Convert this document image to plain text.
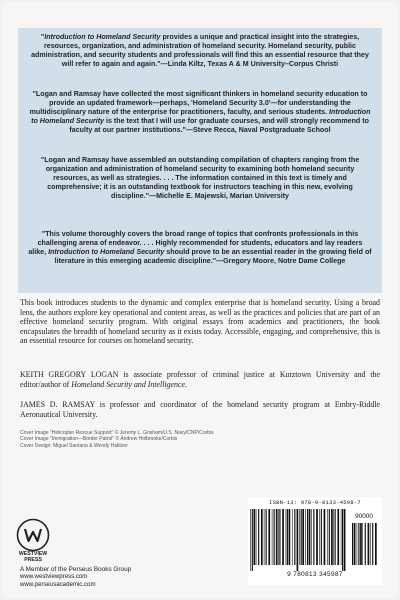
"Introduction to Homeland Security provides a unique and practical insight into the strategies, resources, organization, and administration of homeland security. Homeland security, public administration, and security students and professionals will find this an essential resource that they will refer to again and again."—Linda Kiltz, Texas A & M University–Corpus Christi
"Logan and Ramsay have collected the most significant thinkers in homeland security education to provide an updated framework—perhaps, 'Homeland Security 3.0'—for understanding the multidisciplinary nature of the enterprise for practitioners, faculty, and serious students. Introduction to Homeland Security is the text that I will use for graduate courses, and will strongly recommend to faculty at our partner institutions."—Steve Recca, Naval Postgraduate School
"Logan and Ramsay have assembled an outstanding compilation of chapters ranging from the organization and administration of homeland security to examining both homeland security resources, as well as strategies. . . . The information contained in this text is timely and comprehensive; it is an outstanding textbook for instructors teaching in this new, evolving discipline."—Michelle E. Majewski, Marian University
"This volume thoroughly covers the broad range of topics that confronts professionals in this challenging arena of endeavor. . . . Highly recommended for students, educators and lay readers alike, Introduction to Homeland Security should prove to be an essential reader in the growing field of literature in this emerging academic discipline."—Gregory Moore, Notre Dame College
This book introduces students to the dynamic and complex enterprise that is homeland security. Using a broad lens, the authors explore key operational and content areas, as well as the practices and policies that are part of an effective homeland security program. With original essays from academics and practitioners, the book encapsulates the breadth of homeland security as it exists today. Accessible, engaging, and comprehensive, this is an essential resource for courses on homeland security.
KEITH GREGORY LOGAN is associate professor of criminal justice at Kutztown University and the editor/author of Homeland Security and Intelligence.
JAMES D. RAMSAY is professor and coordinator of the homeland security program at Embry-Riddle Aeronautical University.
Cover Image "Helicopter Rescue Support" © Jeremy L. Grisham/U.S. Navy/CNP/Corbis
Cover Image "Immigration—Border Patrol" © Andrew Holbrooke/Corbis
Cover Design: Miguel Santana & Wendy Halitzer
WESTVIEW
PRESS
A Member of the Perseus Books Group
www.westviewpress.com
www.perseusacademic.com
ISBN-13: 978-0-8133-4598-7
90000
9 780813 345987
